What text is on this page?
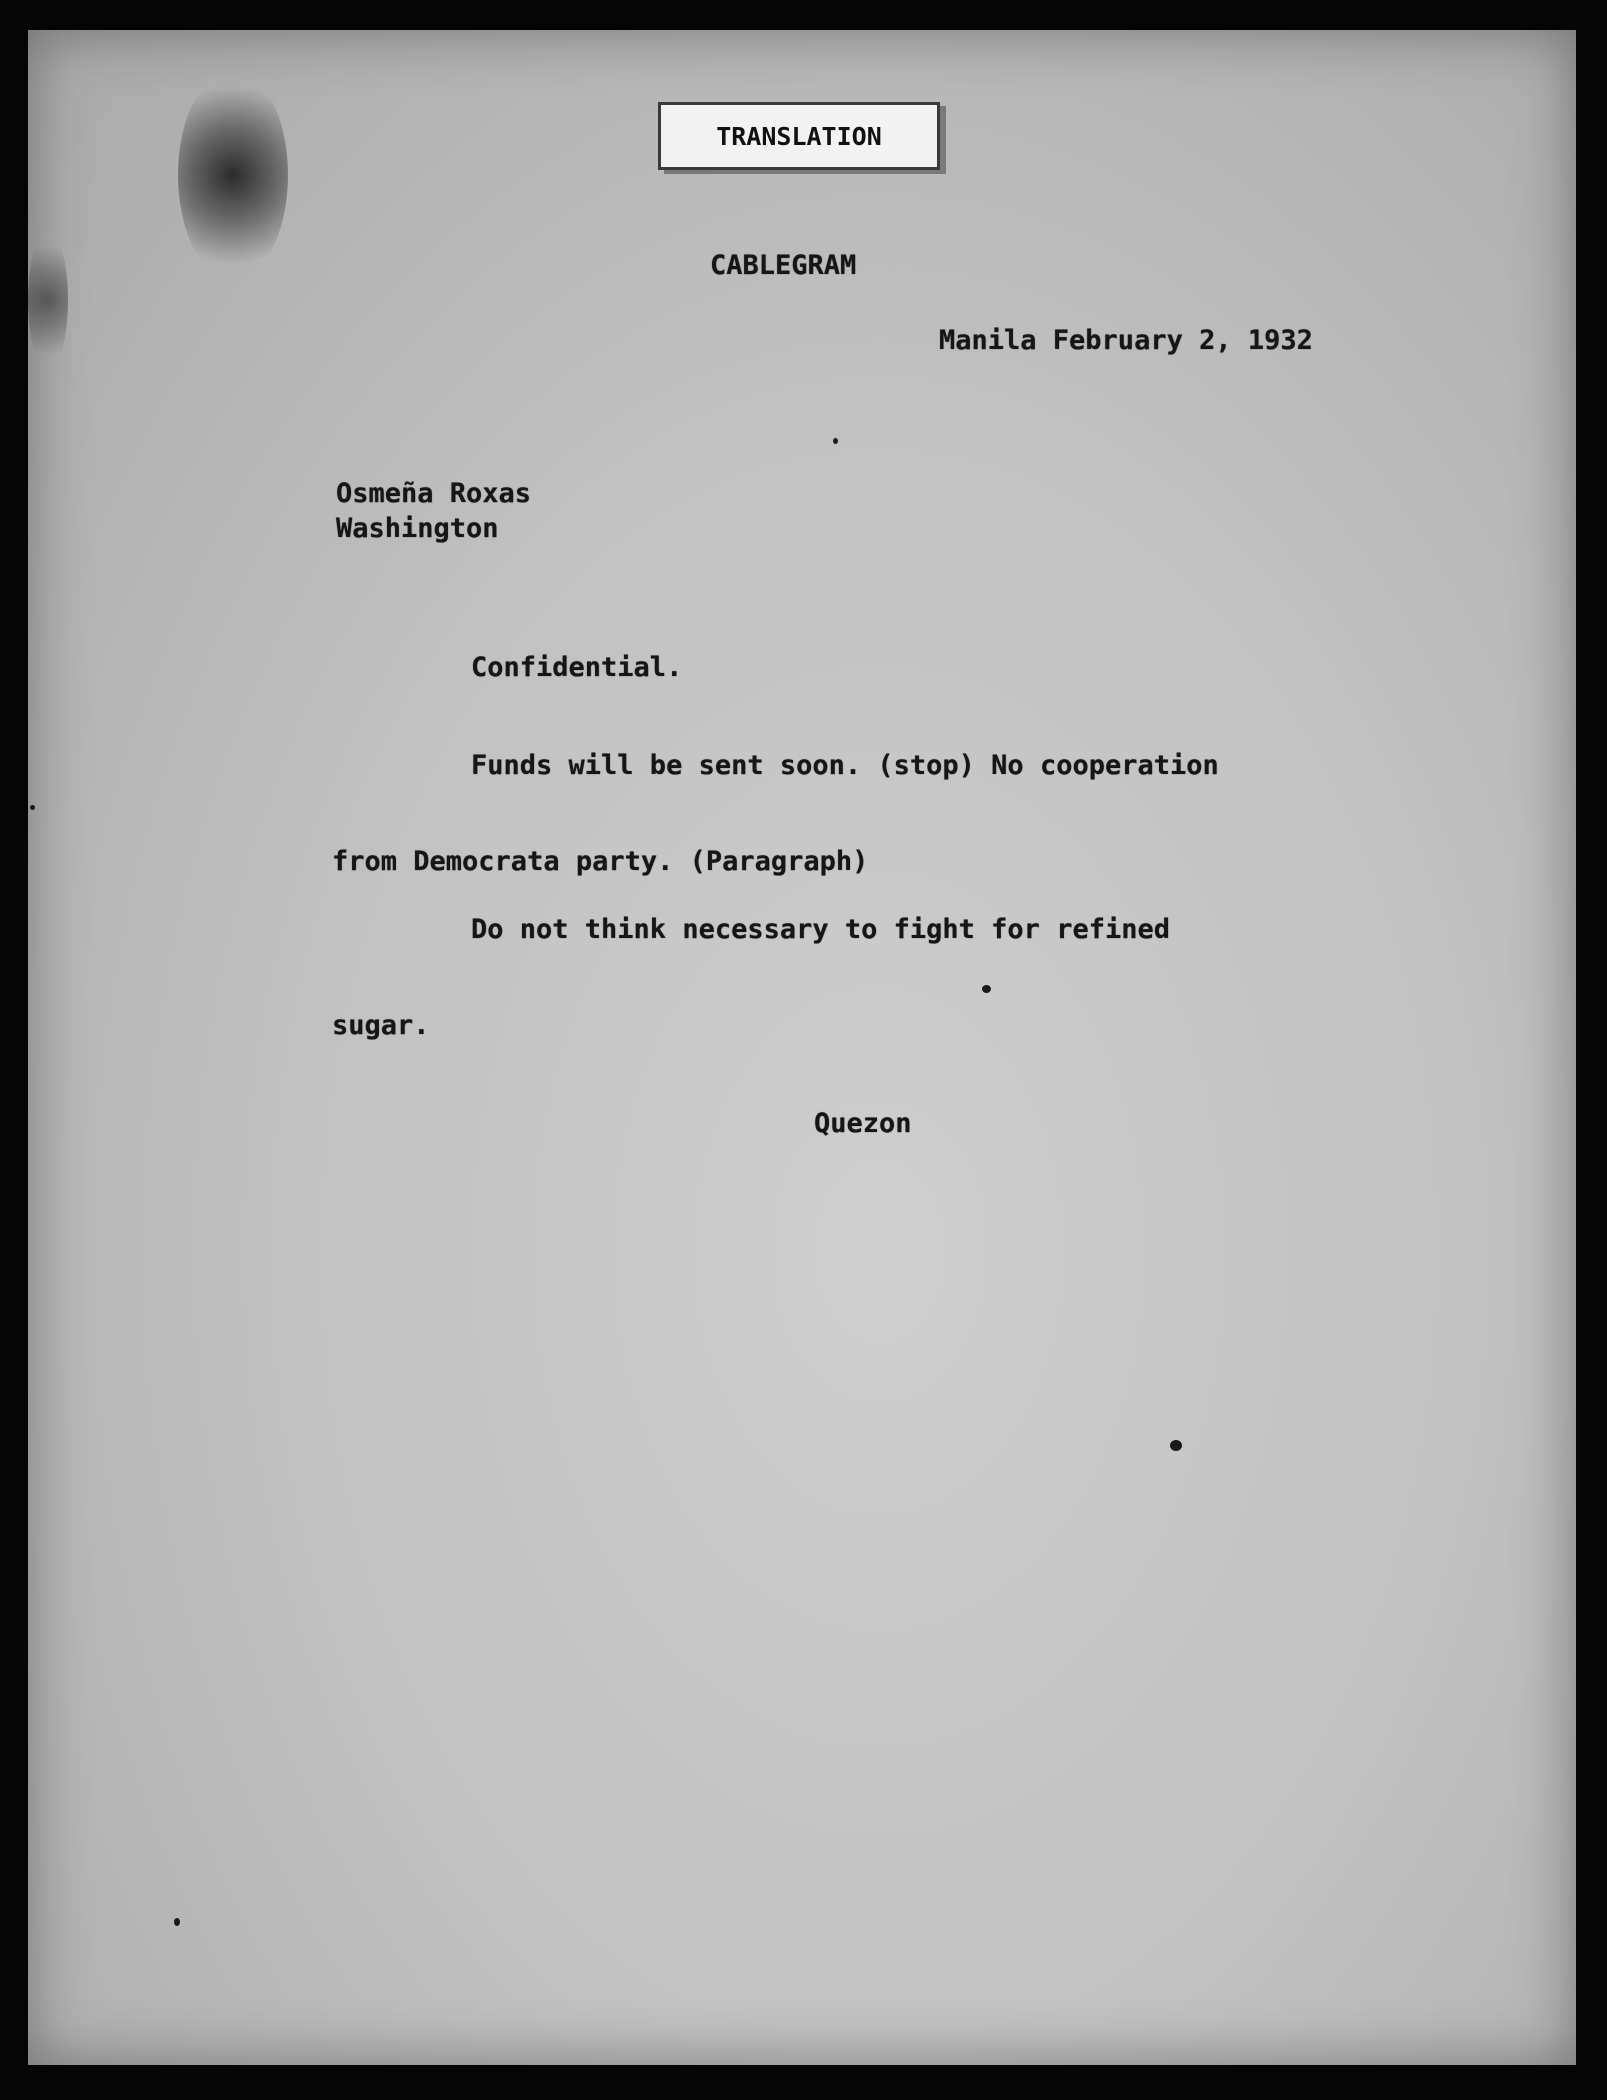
TRANSLATION
CABLEGRAM
Manila February 2, 1932
Osmeña Roxas
Washington
Confidential.
Funds will be sent soon. (stop) No cooperation
from Democrata party. (Paragraph)
Do not think necessary to fight for refined
sugar.
Quezon
